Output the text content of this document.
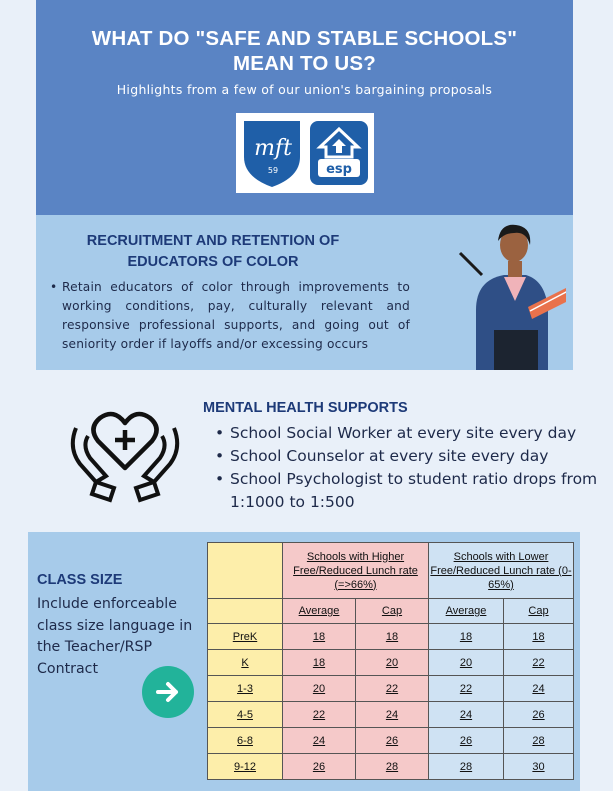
WHAT DO "SAFE AND STABLE SCHOOLS"
MEAN TO US?
Highlights from a few of our union's bargaining proposals
mft
59	esp
RECRUITMENT AND RETENTION OF
EDUCATORS OF COLOR
• Retain educators of color through improvements to working conditions, pay, culturally relevant and responsive professional supports, and going out of seniority order if layoffs and/or excessing occurs
MENTAL HEALTH SUPPORTS
• School Social Worker at every site every day
• School Counselor at every site every day
• School Psychologist to student ratio drops from 1:1000 to 1:500
CLASS SIZE
Include enforceable class size language in the Teacher/RSP Contract
	Schools with Higher Free/Reduced Lunch rate (=>66%)		Schools with Lower Free/Reduced Lunch rate (0-65%)	
	Average	Cap	Average	Cap
PreK	18	18	18	18
K	18	20	20	22
1-3	20	22	22	24
4-5	22	24	24	26
6-8	24	26	26	28
9-12	26	28	28	30
